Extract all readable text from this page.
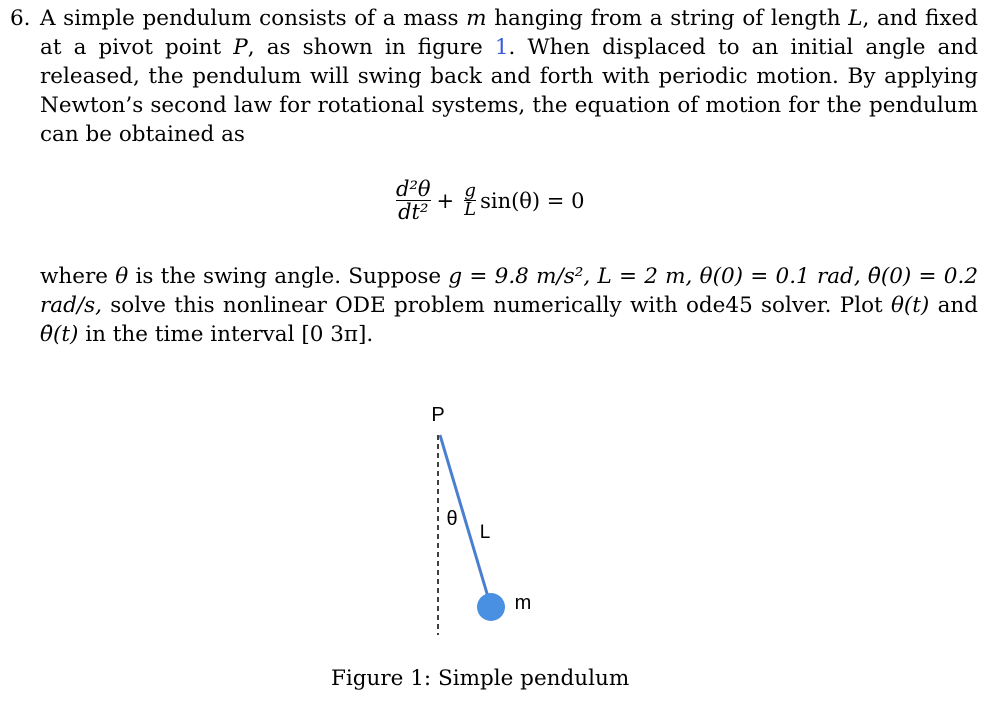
6. A simple pendulum consists of a mass m hanging from a string of length L, and fixed at a pivot point P, as shown in figure 1. When displaced to an initial angle and released, the pendulum will swing back and forth with periodic motion. By applying Newton’s second law for rotational systems, the equation of motion for the pendulum can be obtained as
$\frac{\text{d²θ}}{\text{dt²}} + \frac{g}{L} \sin(\theta) = 0$
where θ is the swing angle. Suppose g = 9.8 m/s², L = 2 m, θ(0) = 0.1 rad, θ̇(0) = 0.2 rad/s, solve this nonlinear ODE problem numerically with ode45 solver. Plot θ(t) and θ̇(t) in the time interval [0 3π].
P
θ
L
m
Figure 1: Simple pendulum
